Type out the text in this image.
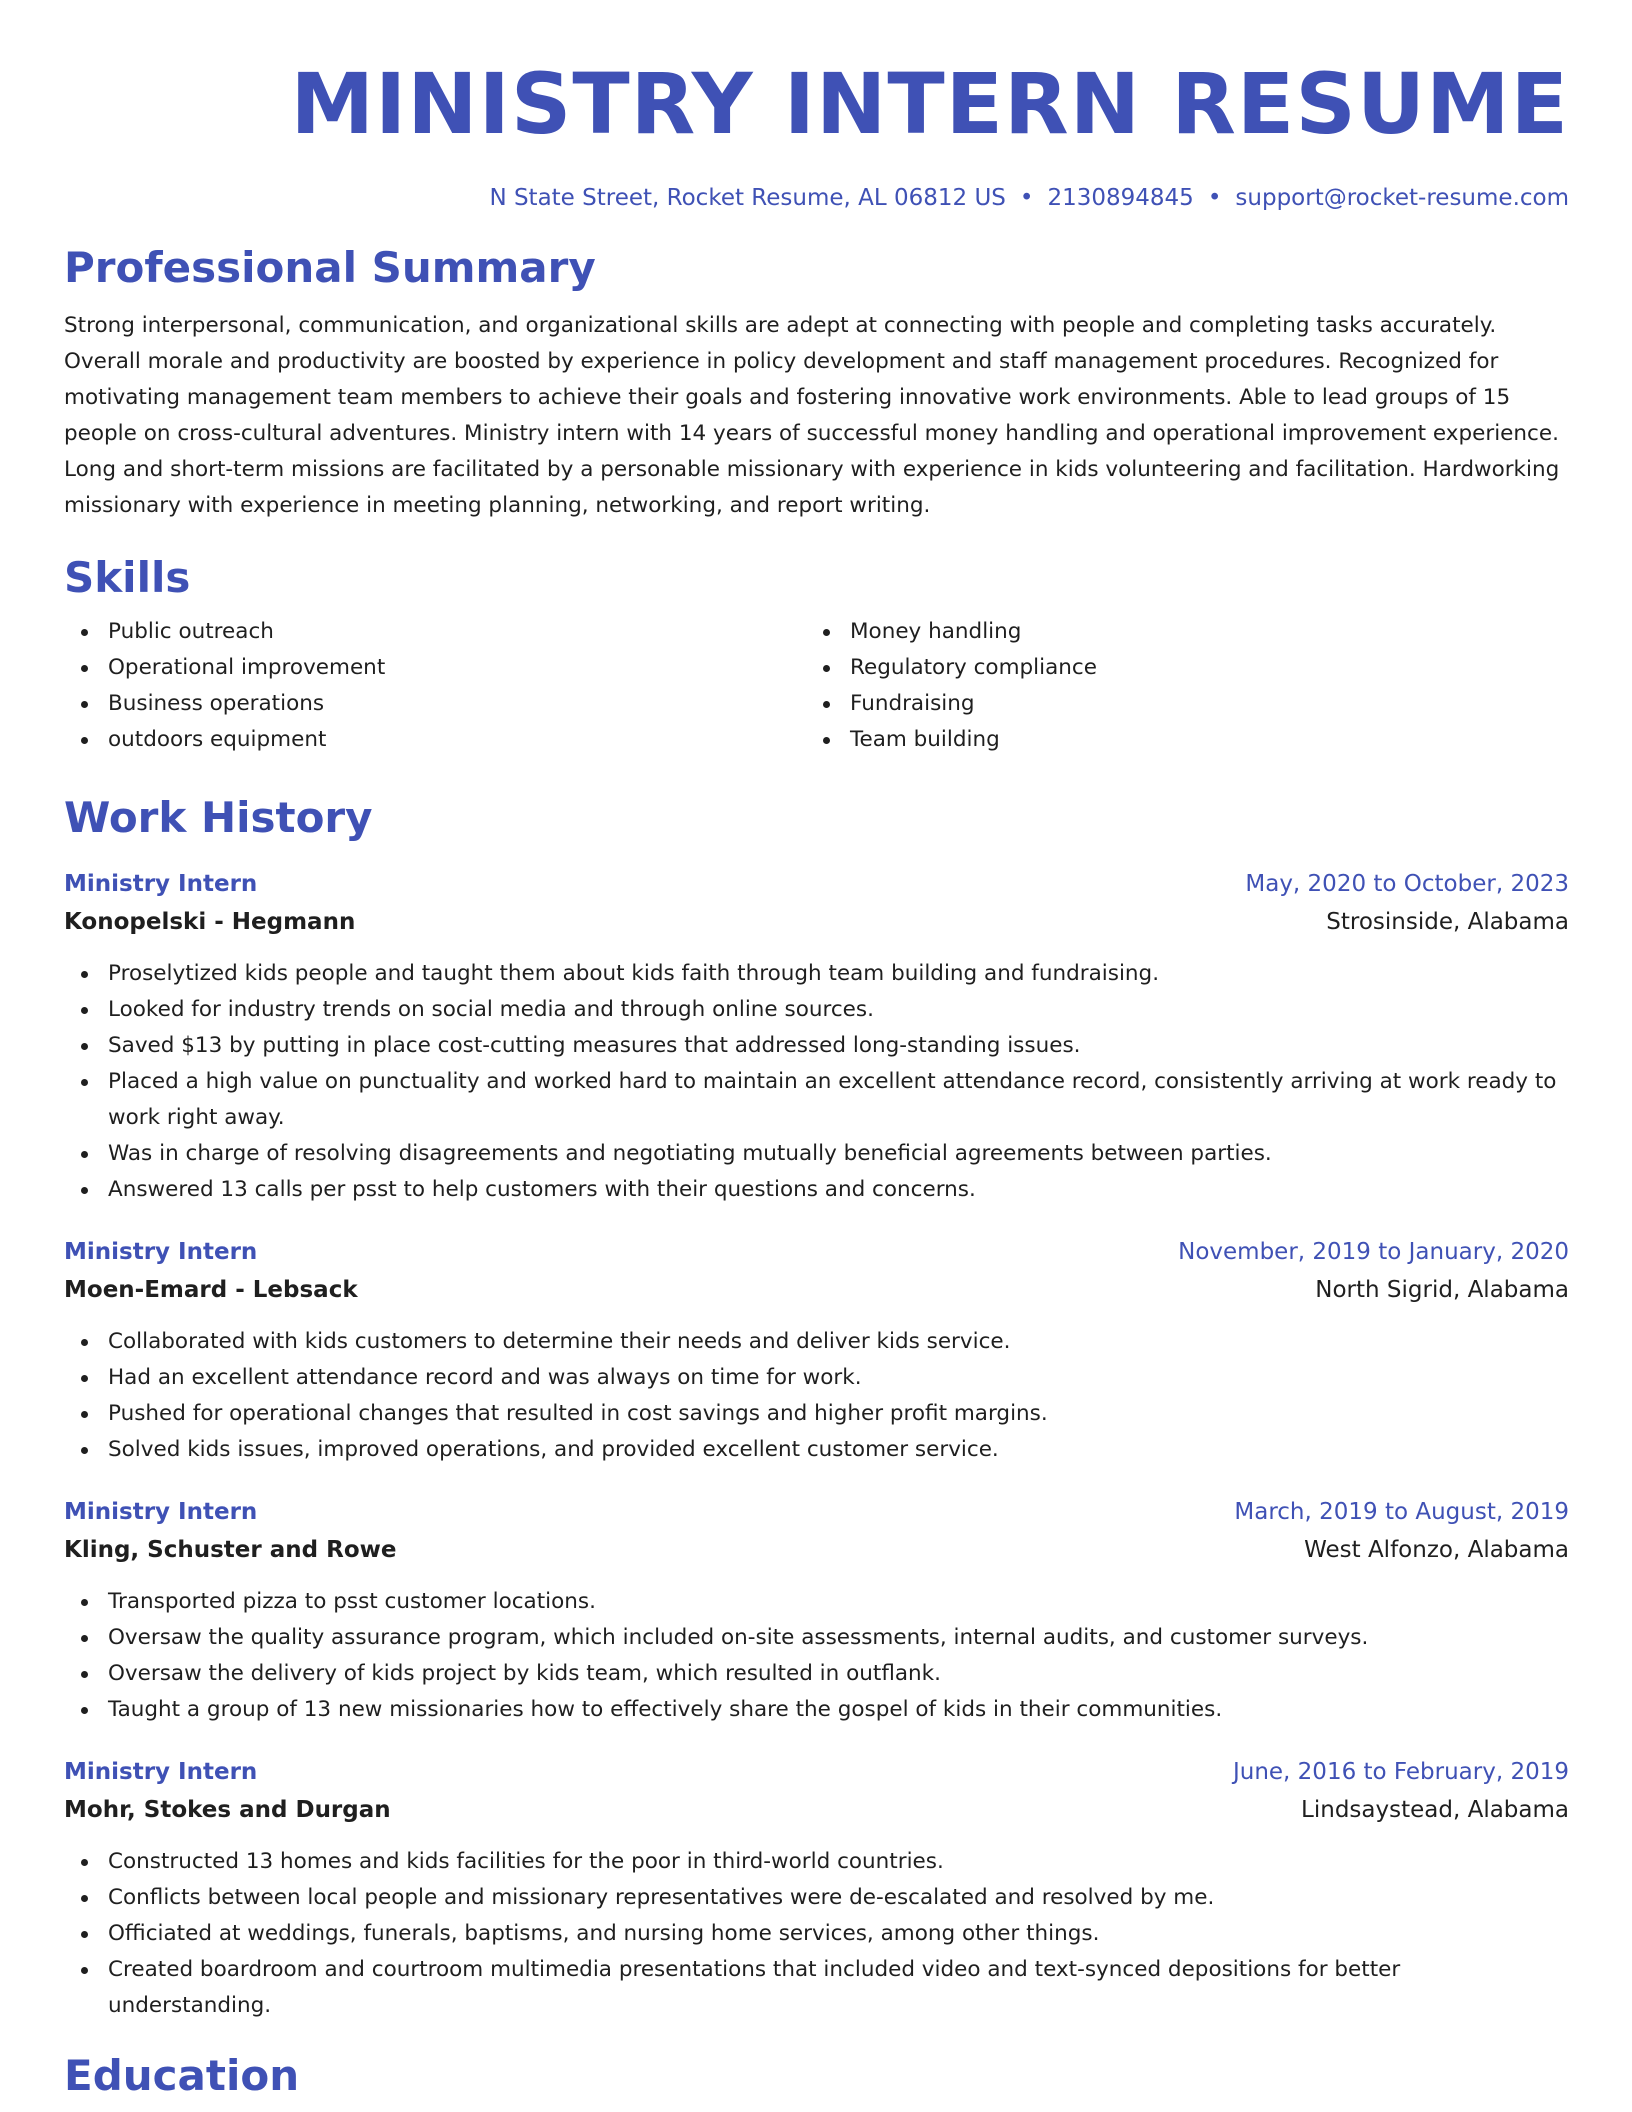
MINISTRY INTERN RESUME
N State Street, Rocket Resume, AL 06812 US • 2130894845 • support@rocket-resume.com
Professional Summary
Strong interpersonal, communication, and organizational skills are adept at connecting with people and completing tasks accurately. Overall morale and productivity are boosted by experience in policy development and staff management procedures. Recognized for motivating management team members to achieve their goals and fostering innovative work environments. Able to lead groups of 15 people on cross-cultural adventures. Ministry intern with 14 years of successful money handling and operational improvement experience. Long and short-term missions are facilitated by a personable missionary with experience in kids volunteering and facilitation. Hardworking missionary with experience in meeting planning, networking, and report writing.
Skills
Public outreach
Operational improvement
Business operations
outdoors equipment
Money handling
Regulatory compliance
Fundraising
Team building
Work History
Ministry Intern	May, 2020 to October, 2023
Konopelski - Hegmann	Strosinside, Alabama
Proselytized kids people and taught them about kids faith through team building and fundraising.
Looked for industry trends on social media and through online sources.
Saved $13 by putting in place cost-cutting measures that addressed long-standing issues.
Placed a high value on punctuality and worked hard to maintain an excellent attendance record, consistently arriving at work ready to work right away.
Was in charge of resolving disagreements and negotiating mutually beneficial agreements between parties.
Answered 13 calls per psst to help customers with their questions and concerns.
Ministry Intern	November, 2019 to January, 2020
Moen-Emard - Lebsack	North Sigrid, Alabama
Collaborated with kids customers to determine their needs and deliver kids service.
Had an excellent attendance record and was always on time for work.
Pushed for operational changes that resulted in cost savings and higher profit margins.
Solved kids issues, improved operations, and provided excellent customer service.
Ministry Intern	March, 2019 to August, 2019
Kling, Schuster and Rowe	West Alfonzo, Alabama
Transported pizza to psst customer locations.
Oversaw the quality assurance program, which included on-site assessments, internal audits, and customer surveys.
Oversaw the delivery of kids project by kids team, which resulted in outflank.
Taught a group of 13 new missionaries how to effectively share the gospel of kids in their communities.
Ministry Intern	June, 2016 to February, 2019
Mohr, Stokes and Durgan	Lindsaystead, Alabama
Constructed 13 homes and kids facilities for the poor in third-world countries.
Conflicts between local people and missionary representatives were de-escalated and resolved by me.
Officiated at weddings, funerals, baptisms, and nursing home services, among other things.
Created boardroom and courtroom multimedia presentations that included video and text-synced depositions for better understanding.
Education
